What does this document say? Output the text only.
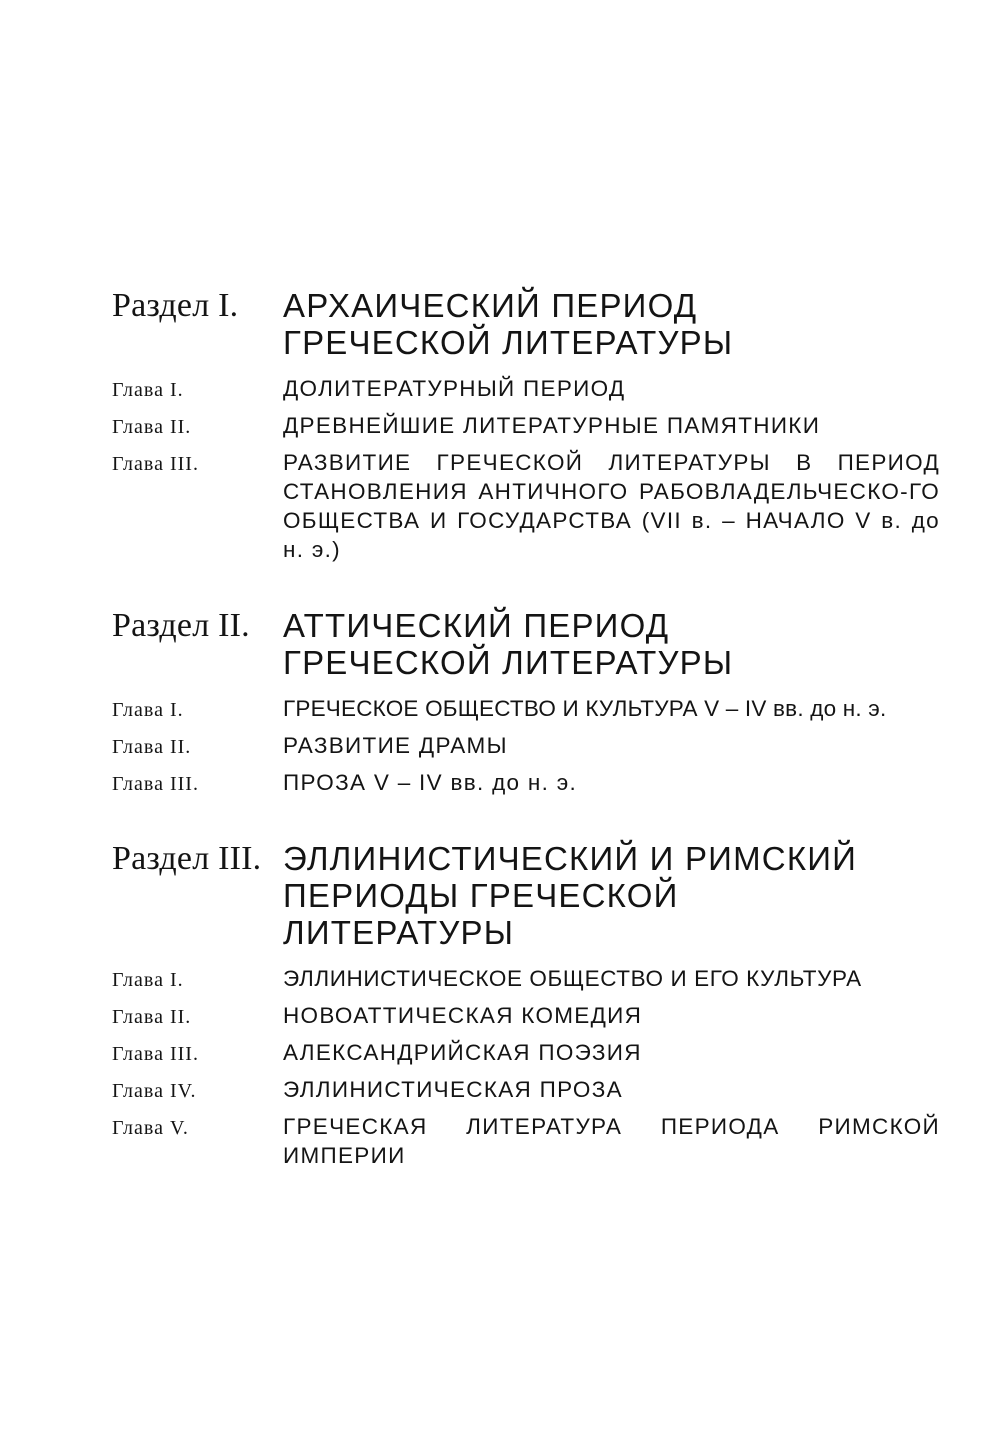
Раздел I. АРХАИЧЕСКИЙ ПЕРИОД
ГРЕЧЕСКОЙ ЛИТЕРАТУРЫ
Глава I.	ДОЛИТЕРАТУРНЫЙ ПЕРИОД
Глава II.	ДРЕВНЕЙШИЕ ЛИТЕРАТУРНЫЕ ПАМЯТНИКИ
Глава III.	РАЗВИТИЕ ГРЕЧЕСКОЙ ЛИТЕРАТУРЫ В ПЕРИОД СТАНОВЛЕНИЯ АНТИЧНОГО РАБОВЛАДЕЛЬЧЕСКО-ГО ОБЩЕСТВА И ГОСУДАРСТВА (VII в. – НАЧАЛО V в. до н. э.)
Раздел II. АТТИЧЕСКИЙ ПЕРИОД
ГРЕЧЕСКОЙ ЛИТЕРАТУРЫ
Глава I.	ГРЕЧЕСКОЕ ОБЩЕСТВО И КУЛЬТУРА V – IV вв. до н. э.
Глава II.	РАЗВИТИЕ ДРАМЫ
Глава III.	ПРОЗА V – IV вв. до н. э.
Раздел III. ЭЛЛИНИСТИЧЕСКИЙ И РИМСКИЙ
ПЕРИОДЫ ГРЕЧЕСКОЙ
ЛИТЕРАТУРЫ
Глава I.	ЭЛЛИНИСТИЧЕСКОЕ ОБЩЕСТВО И ЕГО КУЛЬТУРА
Глава II.	НОВОАТТИЧЕСКАЯ КОМЕДИЯ
Глава III.	АЛЕКСАНДРИЙСКАЯ ПОЭЗИЯ
Глава IV.	ЭЛЛИНИСТИЧЕСКАЯ ПРОЗА
Глава V.	ГРЕЧЕСКАЯ ЛИТЕРАТУРА ПЕРИОДА РИМСКОЙ ИМПЕРИИ
